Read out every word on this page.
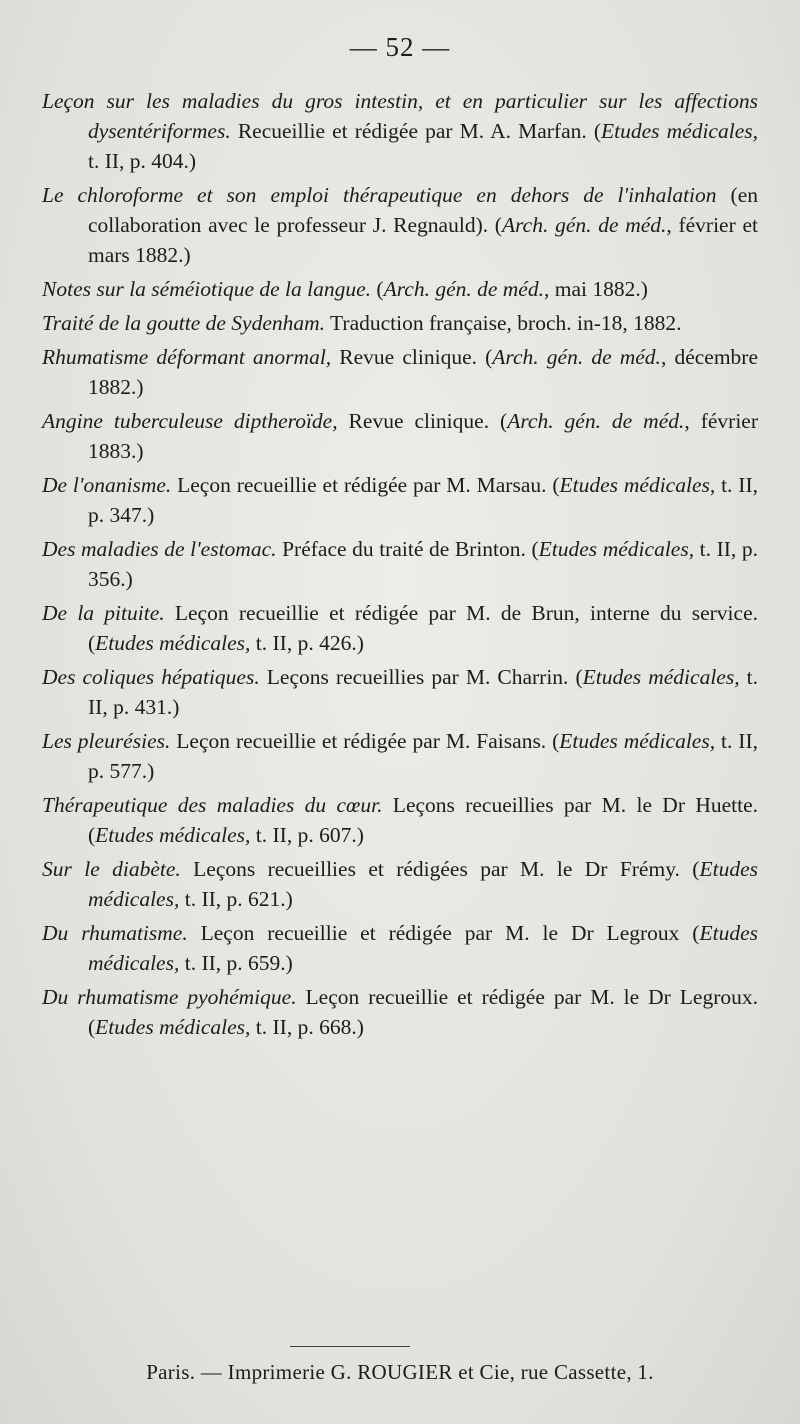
— 52 —
Leçon sur les maladies du gros intestin, et en particulier sur les affections dysentériformes. Recueillie et rédigée par M. A. Marfan. (Etudes médicales, t. II, p. 404.)
Le chloroforme et son emploi thérapeutique en dehors de l'inhalation (en collaboration avec le professeur J. Regnauld). (Arch. gén. de méd., février et mars 1882.)
Notes sur la séméiotique de la langue. (Arch. gén. de méd., mai 1882.)
Traité de la goutte de Sydenham. Traduction française, broch. in-18, 1882.
Rhumatisme déformant anormal, Revue clinique. (Arch. gén. de méd., décembre 1882.)
Angine tuberculeuse diptheroïde, Revue clinique. (Arch. gén. de méd., février 1883.)
De l'onanisme. Leçon recueillie et rédigée par M. Marsau. (Etudes médicales, t. II, p. 347.)
Des maladies de l'estomac. Préface du traité de Brinton. (Etudes médicales, t. II, p. 356.)
De la pituite. Leçon recueillie et rédigée par M. de Brun, interne du service. (Etudes médicales, t. II, p. 426.)
Des coliques hépatiques. Leçons recueillies par M. Charrin. (Etudes médicales, t. II, p. 431.)
Les pleurésies. Leçon recueillie et rédigée par M. Faisans. (Etudes médicales, t. II, p. 577.)
Thérapeutique des maladies du cœur. Leçons recueillies par M. le Dr Huette. (Etudes médicales, t. II, p. 607.)
Sur le diabète. Leçons recueillies et rédigées par M. le Dr Frémy. (Etudes médicales, t. II, p. 621.)
Du rhumatisme. Leçon recueillie et rédigée par M. le Dr Legroux (Etudes médicales, t. II, p. 659.)
Du rhumatisme pyohémique. Leçon recueillie et rédigée par M. le Dr Legroux. (Etudes médicales, t. II, p. 668.)
Paris. — Imprimerie G. ROUGIER et Cie, rue Cassette, 1.
